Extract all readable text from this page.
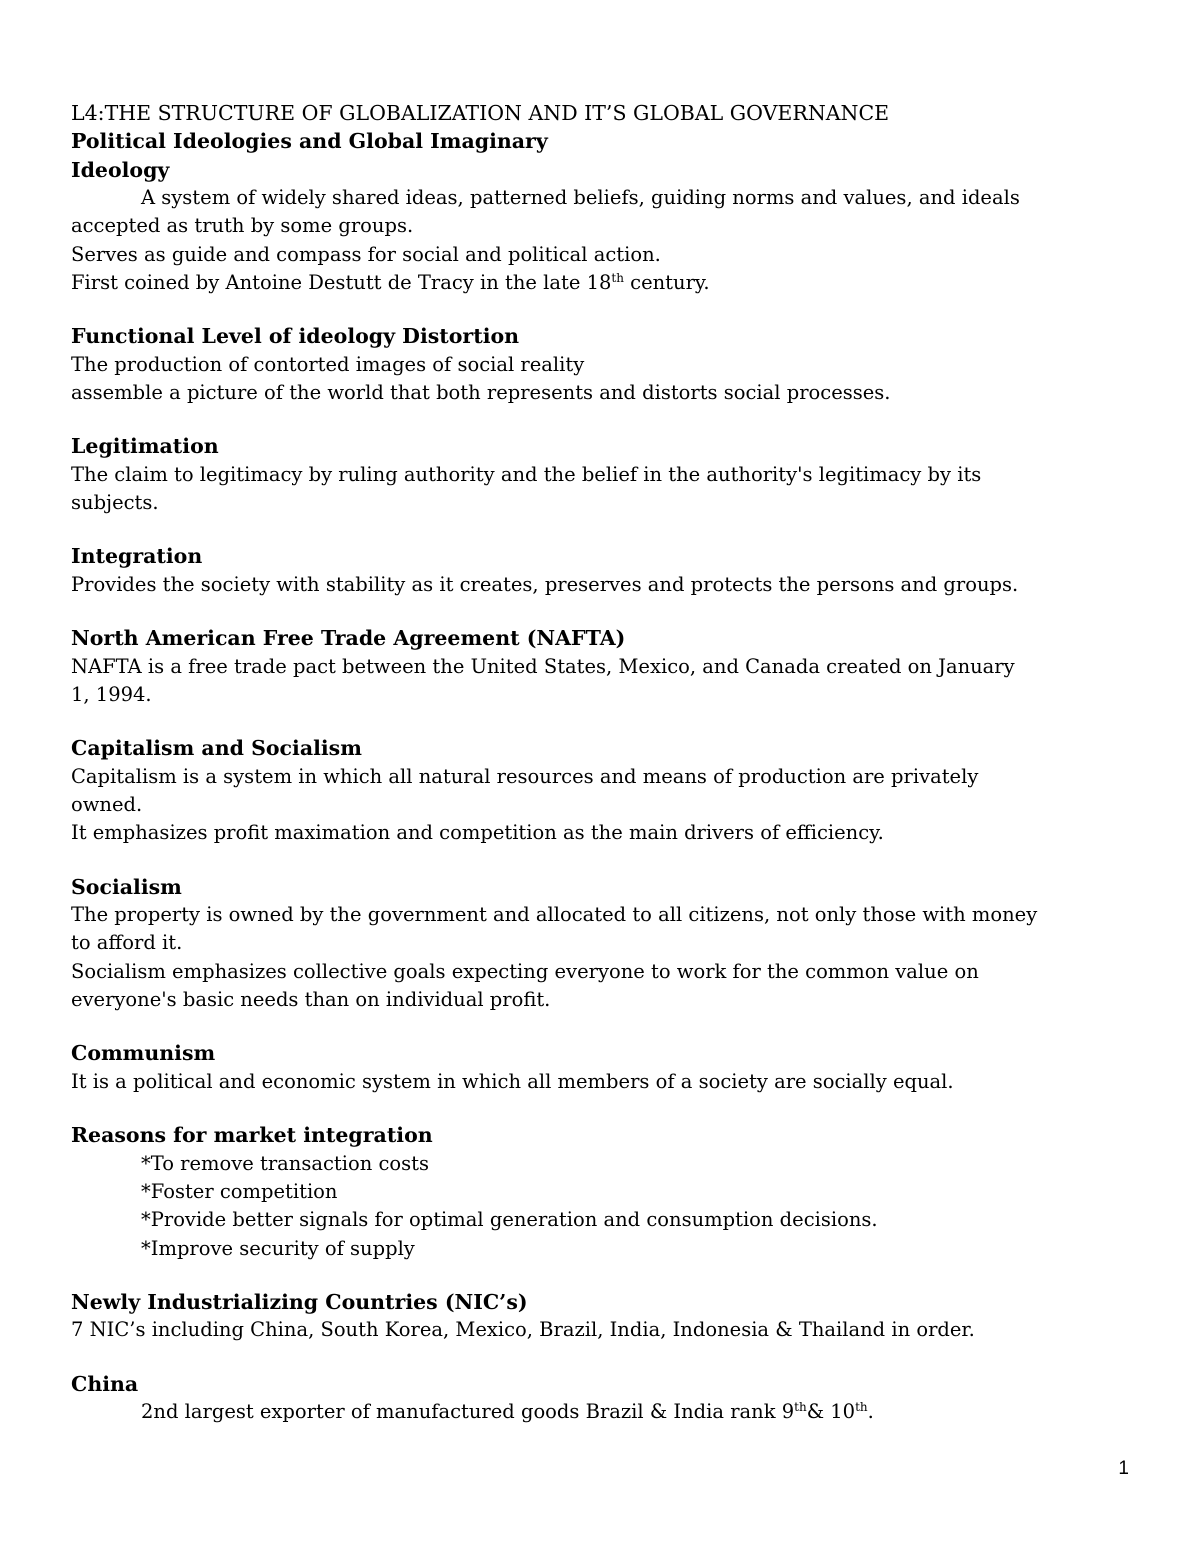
L4:THE STRUCTURE OF GLOBALIZATION AND IT’S GLOBAL GOVERNANCE
Political Ideologies and Global Imaginary
Ideology
A system of widely shared ideas, patterned beliefs, guiding norms and values, and ideals
accepted as truth by some groups.
Serves as guide and compass for social and political action.
First coined by Antoine Destutt de Tracy in the late 18th century.
Functional Level of ideology Distortion
The production of contorted images of social reality
assemble a picture of the world that both represents and distorts social processes.
Legitimation
The claim to legitimacy by ruling authority and the belief in the authority's legitimacy by its
subjects.
Integration
Provides the society with stability as it creates, preserves and protects the persons and groups.
North American Free Trade Agreement (NAFTA)
NAFTA is a free trade pact between the United States, Mexico, and Canada created on January
1, 1994.
Capitalism and Socialism
Capitalism is a system in which all natural resources and means of production are privately
owned.
It emphasizes profit maximation and competition as the main drivers of efficiency.
Socialism
The property is owned by the government and allocated to all citizens, not only those with money
to afford it.
Socialism emphasizes collective goals expecting everyone to work for the common value on
everyone's basic needs than on individual profit.
Communism
It is a political and economic system in which all members of a society are socially equal.
Reasons for market integration
*To remove transaction costs
*Foster competition
*Provide better signals for optimal generation and consumption decisions.
*Improve security of supply
Newly Industrializing Countries (NIC’s)
7 NIC’s including China, South Korea, Mexico, Brazil, India, Indonesia & Thailand in order.
China
2nd largest exporter of manufactured goods Brazil & India rank 9th& 10th.
1
